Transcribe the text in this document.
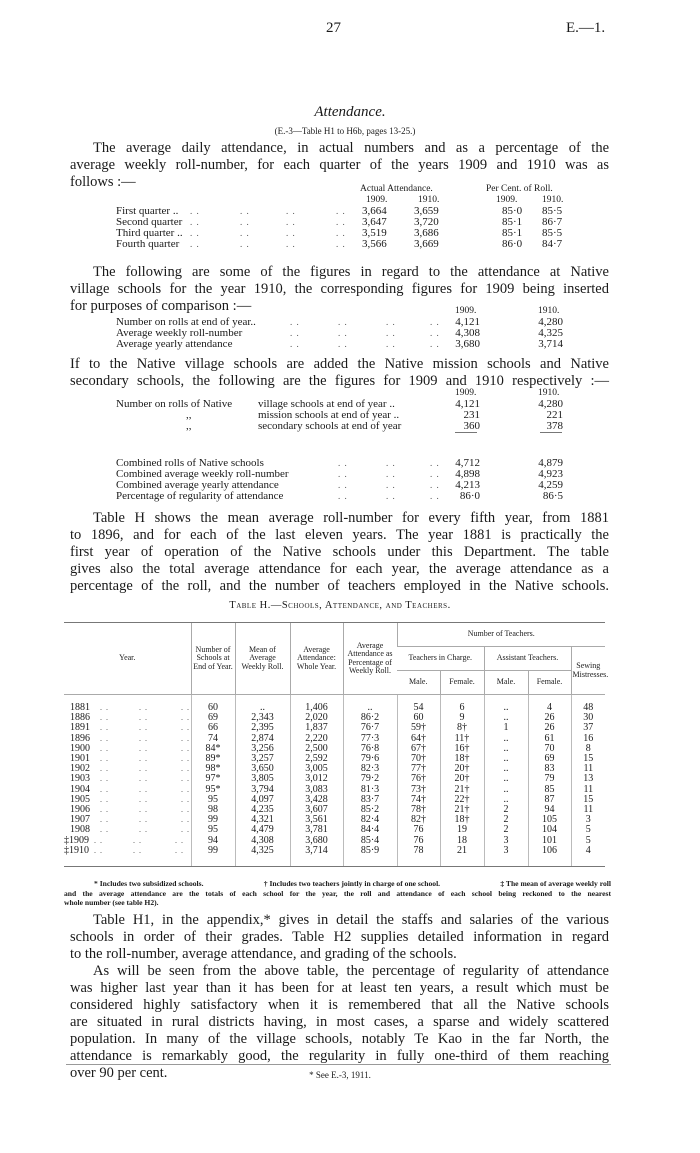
27	E.—1.
Attendance.
(E.-3—Table H1 to H6b, pages 13-25.)
The average daily attendance, in actual numbers and as a percentage of the
average weekly roll-number, for each quarter of the years 1909 and 1910 was as
follows :—	Actual Attendance.	Per Cent. of Roll.
1909.	1910.	1909.	1910.
First quarter .. . .	. .	. .	. . 3,664 3,659	85·0 85·5
Second quarter . .	. .	. .	. . 3,647 3,720	85·1 86·7
Third quarter .. . .	. .	. .	. . 3,519 3,686	85·1 85·5
Fourth quarter . .	. .	. .	. . 3,566 3,669	86·0 84·7
The following are some of the figures in regard to the attendance at Native
village schools for the year 1910, the corresponding figures for 1909 being inserted
for purposes of comparison :—	1909.	1910.
Number on rolls at end of year..	. .	. .	. .	. . 4,121	4,280
Average weekly roll-number	. .	. .	. .	. . 4,308	4,325
Average yearly attendance	. .	. .	. .	. . 3,680	3,714
If to the Native village schools are added the Native mission schools and Native
secondary schools, the following are the figures for 1909 and 1910 respectively :—
1909.	1910.
Number on rolls of Native village schools at end of year ..	4,121	4,280
,,	mission schools at end of year ..	231	221
,,	secondary schools at end of year	360	378
Combined rolls of Native schools	. .	. .	. . 4,712	4,879
Combined average weekly roll-number	. .	. .	. . 4,898	4,923
Combined average yearly attendance	. .	. .	. . 4,213	4,259
Percentage of regularity of attendance	. .	. .	. . 86·0	86·5
Table H shows the mean average roll-number for every fifth year, from 1881
to 1896, and for each of the last eleven years. The year 1881 is practically the
first year of operation of the Native schools under this Department. The table
gives also the total average attendance for each year, the average attendance as a
percentage of the roll, and the number of teachers employed in the Native schools.
Table H.—Schools, Attendance, and Teachers.
Year.	Number of Schools at End of Year.	Mean of Average Weekly Roll.	Average Attendance: Whole Year.	Average Attendance as Percentage of Weekly Roll.	Number of Teachers.				
					Teachers in Charge.		Assistant Teachers.		Sewing Mistresses.
					Male.	Female.	Male.	Female.	

1881 . .          . .           . .	60	..	1,406	..	54	6	..	4	48
1886 . .          . .           . .	69	2,343	2,020	86·2	60	9	..	26	30
1891 . .          . .           . .	66	2,395	1,837	76·7	59†	8†	1	26	37
1896 . .          . .           . .	74	2,874	2,220	77·3	64†	11†	..	61	16
1900 . .          . .           . .	84*	3,256	2,500	76·8	67†	16†	..	70	8
1901 . .          . .           . .	89*	3,257	2,592	79·6	70†	18†	..	69	15
1902 . .          . .           . .	98*	3,650	3,005	82·3	77†	20†	..	83	11
1903 . .          . .           . .	97*	3,805	3,012	79·2	76†	20†	..	79	13
1904 . .          . .           . .	95*	3,794	3,083	81·3	73†	21†	..	85	11
1905 . .          . .           . .	95	4,097	3,428	83·7	74†	22†	..	87	15
1906 . .          . .           . .	98	4,235	3,607	85·2	78†	21†	2	94	11
1907 . .          . .           . .	99	4,321	3,561	82·4	82†	18†	2	105	3
1908 . .          . .           . .	95	4,479	3,781	84·4	76	19	2	104	5
‡1909 . .          . .           . .	94	4,308	3,680	85·4	76	18	3	101	5
‡1910 . .          . .           . .	99	4,325	3,714	85·9	78	21	3	106	4

* Includes two subsidized schools.	† Includes two teachers jointly in charge of one school.	‡ The mean of average weekly roll
and the average attendance are the totals of each school for the year, the roll and attendance of each school being reckoned to the nearest
whole number (see table H2).
Table H1, in the appendix,* gives in detail the staffs and salaries of the various
schools in order of their grades. Table H2 supplies detailed information in regard
to the roll-number, average attendance, and grading of the schools.
As will be seen from the above table, the percentage of regularity of attendance
was higher last year than it has been for at least ten years, a result which must be
considered highly satisfactory when it is remembered that all the Native schools
are situated in rural districts having, in most cases, a sparse and widely scattered
population. In many of the village schools, notably Te Kao in the far North, the
attendance is remarkably good, the regularity in fully one-third of them reaching
over 90 per cent.	* See E.-3, 1911.
